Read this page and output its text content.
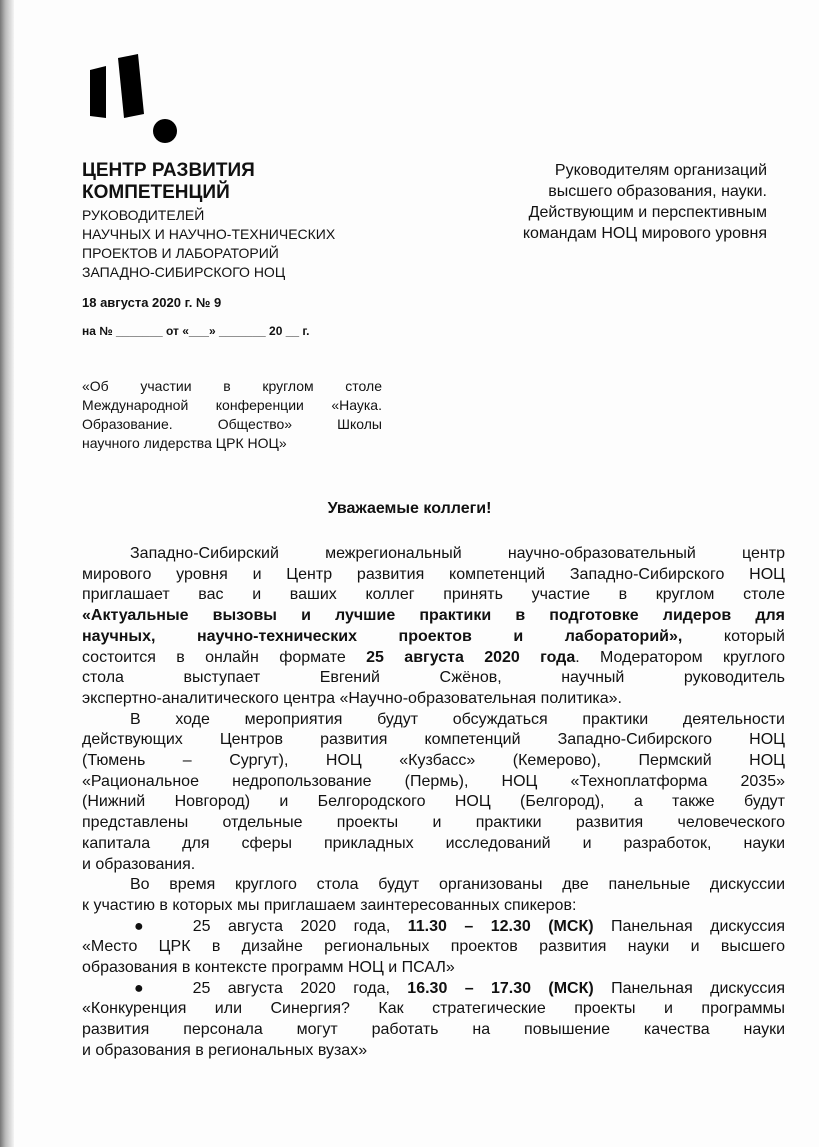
ЦЕНТР РАЗВИТИЯ
КОМПЕТЕНЦИЙ
РУКОВОДИТЕЛЕЙ
НАУЧНЫХ И НАУЧНО-ТЕХНИЧЕСКИХ
ПРОЕКТОВ И ЛАБОРАТОРИЙ
ЗАПАДНО-СИБИРСКОГО НОЦ
18 августа 2020 г. № 9
на № _______ от «___» _______ 20 __ г.
Руководителям организаций
высшего образования, науки.
Действующим и перспективным
командам НОЦ мирового уровня
«Об участии в круглом столе
Международной конференции «Наука.
Образование. Общество» Школы
научного лидерства ЦРК НОЦ»
Уважаемые коллеги!
Западно-Сибирский межрегиональный научно-образовательный центр
мирового уровня и Центр развития компетенций Западно-Сибирского НОЦ
приглашает вас и ваших коллег принять участие в круглом столе
«Актуальные вызовы и лучшие практики в подготовке лидеров для
научных, научно-технических проектов и лабораторий», который
состоится в онлайн формате 25 августа 2020 года. Модератором круглого
стола выступает Евгений Сжёнов, научный руководитель
экспертно-аналитического центра «Научно-образовательная политика».
В ходе мероприятия будут обсуждаться практики деятельности
действующих Центров развития компетенций Западно-Сибирского НОЦ
(Тюмень – Сургут), НОЦ «Кузбасс» (Кемерово), Пермский НОЦ
«Рациональное недропользование (Пермь), НОЦ «Техноплатформа 2035»
(Нижний Новгород) и Белгородского НОЦ (Белгород), а также будут
представлены отдельные проекты и практики развития человеческого
капитала для сферы прикладных исследований и разработок, науки
и образования.
Во время круглого стола будут организованы две панельные дискуссии
к участию в которых мы приглашаем заинтересованных спикеров:
● 25 августа 2020 года, 11.30 – 12.30 (МСК) Панельная дискуссия
«Место ЦРК в дизайне региональных проектов развития науки и высшего
образования в контексте программ НОЦ и ПСАЛ»
● 25 августа 2020 года, 16.30 – 17.30 (МСК) Панельная дискуссия
«Конкуренция или Синергия? Как стратегические проекты и программы
развития персонала могут работать на повышение качества науки
и образования в региональных вузах»
